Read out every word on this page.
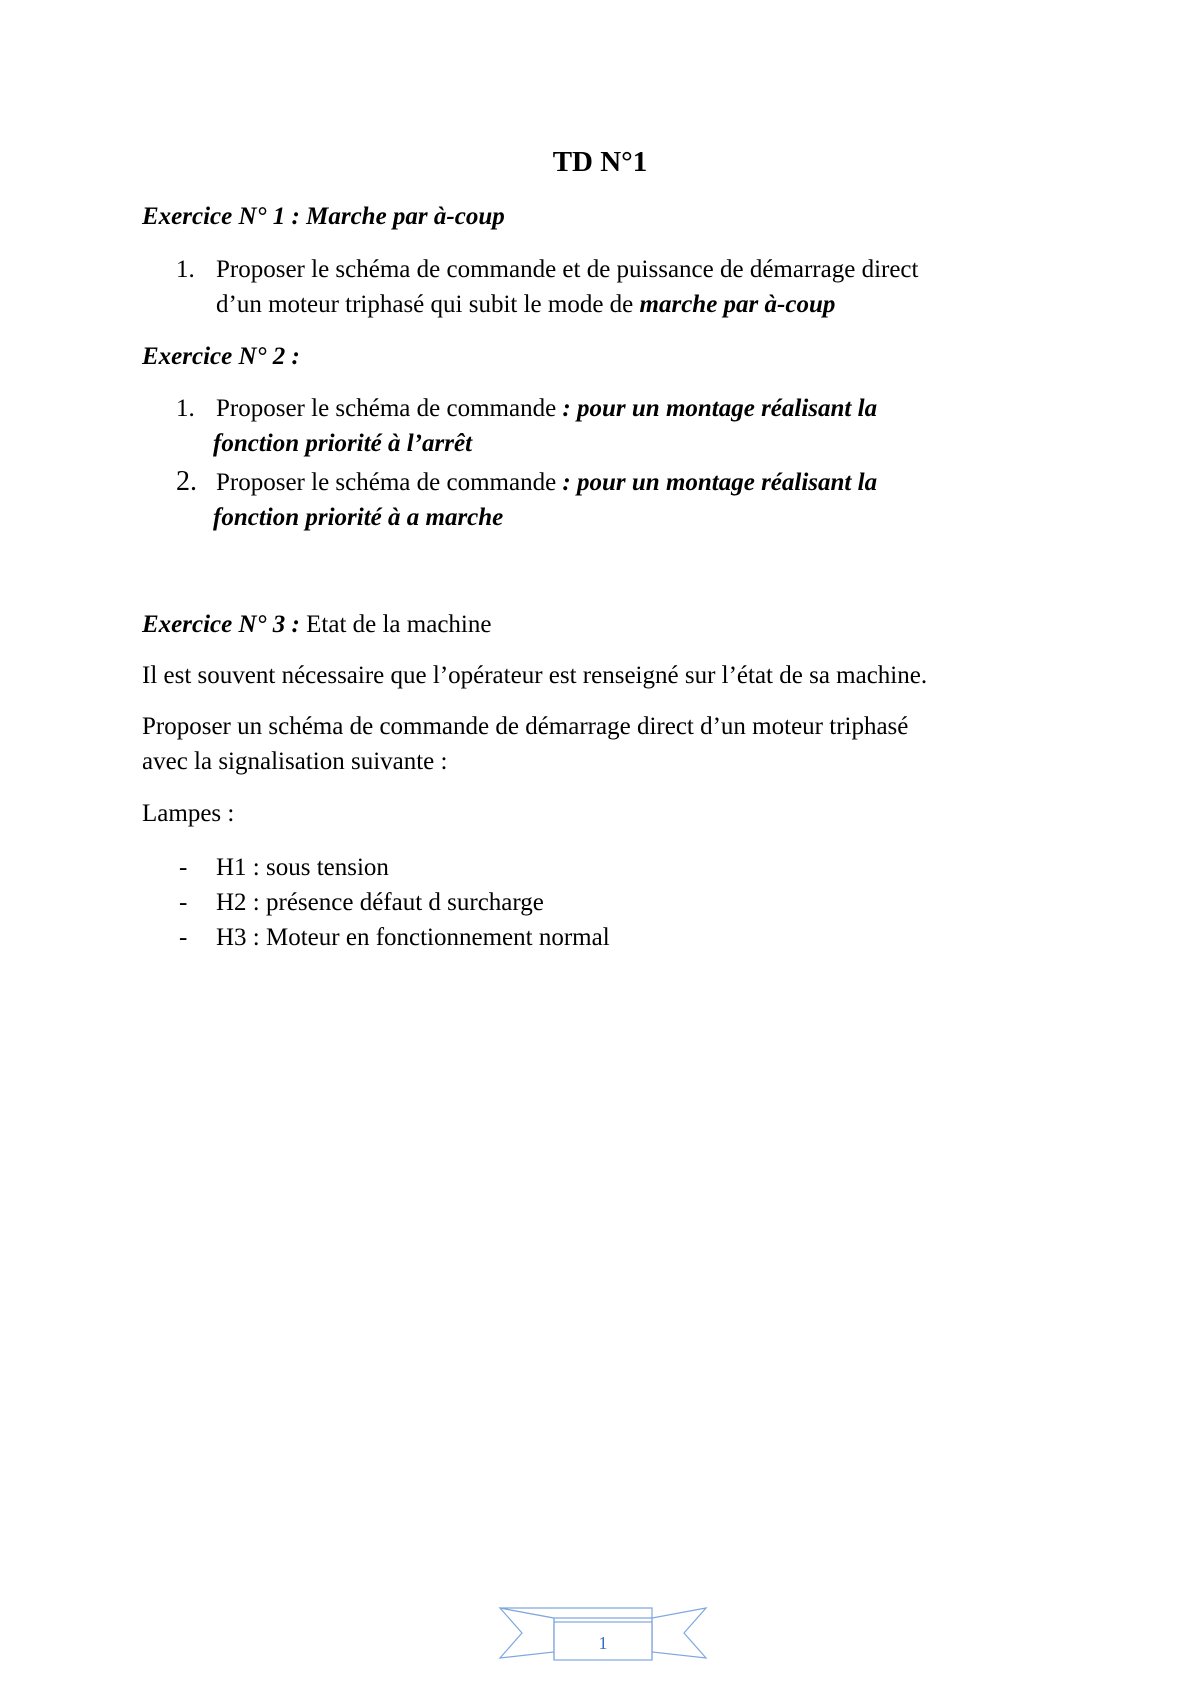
TD N°1
Exercice N° 1 : Marche par à-coup
1. Proposer le schéma de commande et de puissance de démarrage direct
d’un moteur triphasé qui subit le mode de marche par à-coup
Exercice N° 2 :
1. Proposer le schéma de commande : pour un montage réalisant la
fonction priorité à l’arrêt
2. Proposer le schéma de commande : pour un montage réalisant la
fonction priorité à a marche
Exercice N° 3 : Etat de la machine
Il est souvent nécessaire que l’opérateur est renseigné sur l’état de sa machine.
Proposer un schéma de commande de démarrage direct d’un moteur triphasé
avec la signalisation suivante :
Lampes :
- H1 : sous tension
- H2 : présence défaut d surcharge
- H3 : Moteur en fonctionnement normal
1
